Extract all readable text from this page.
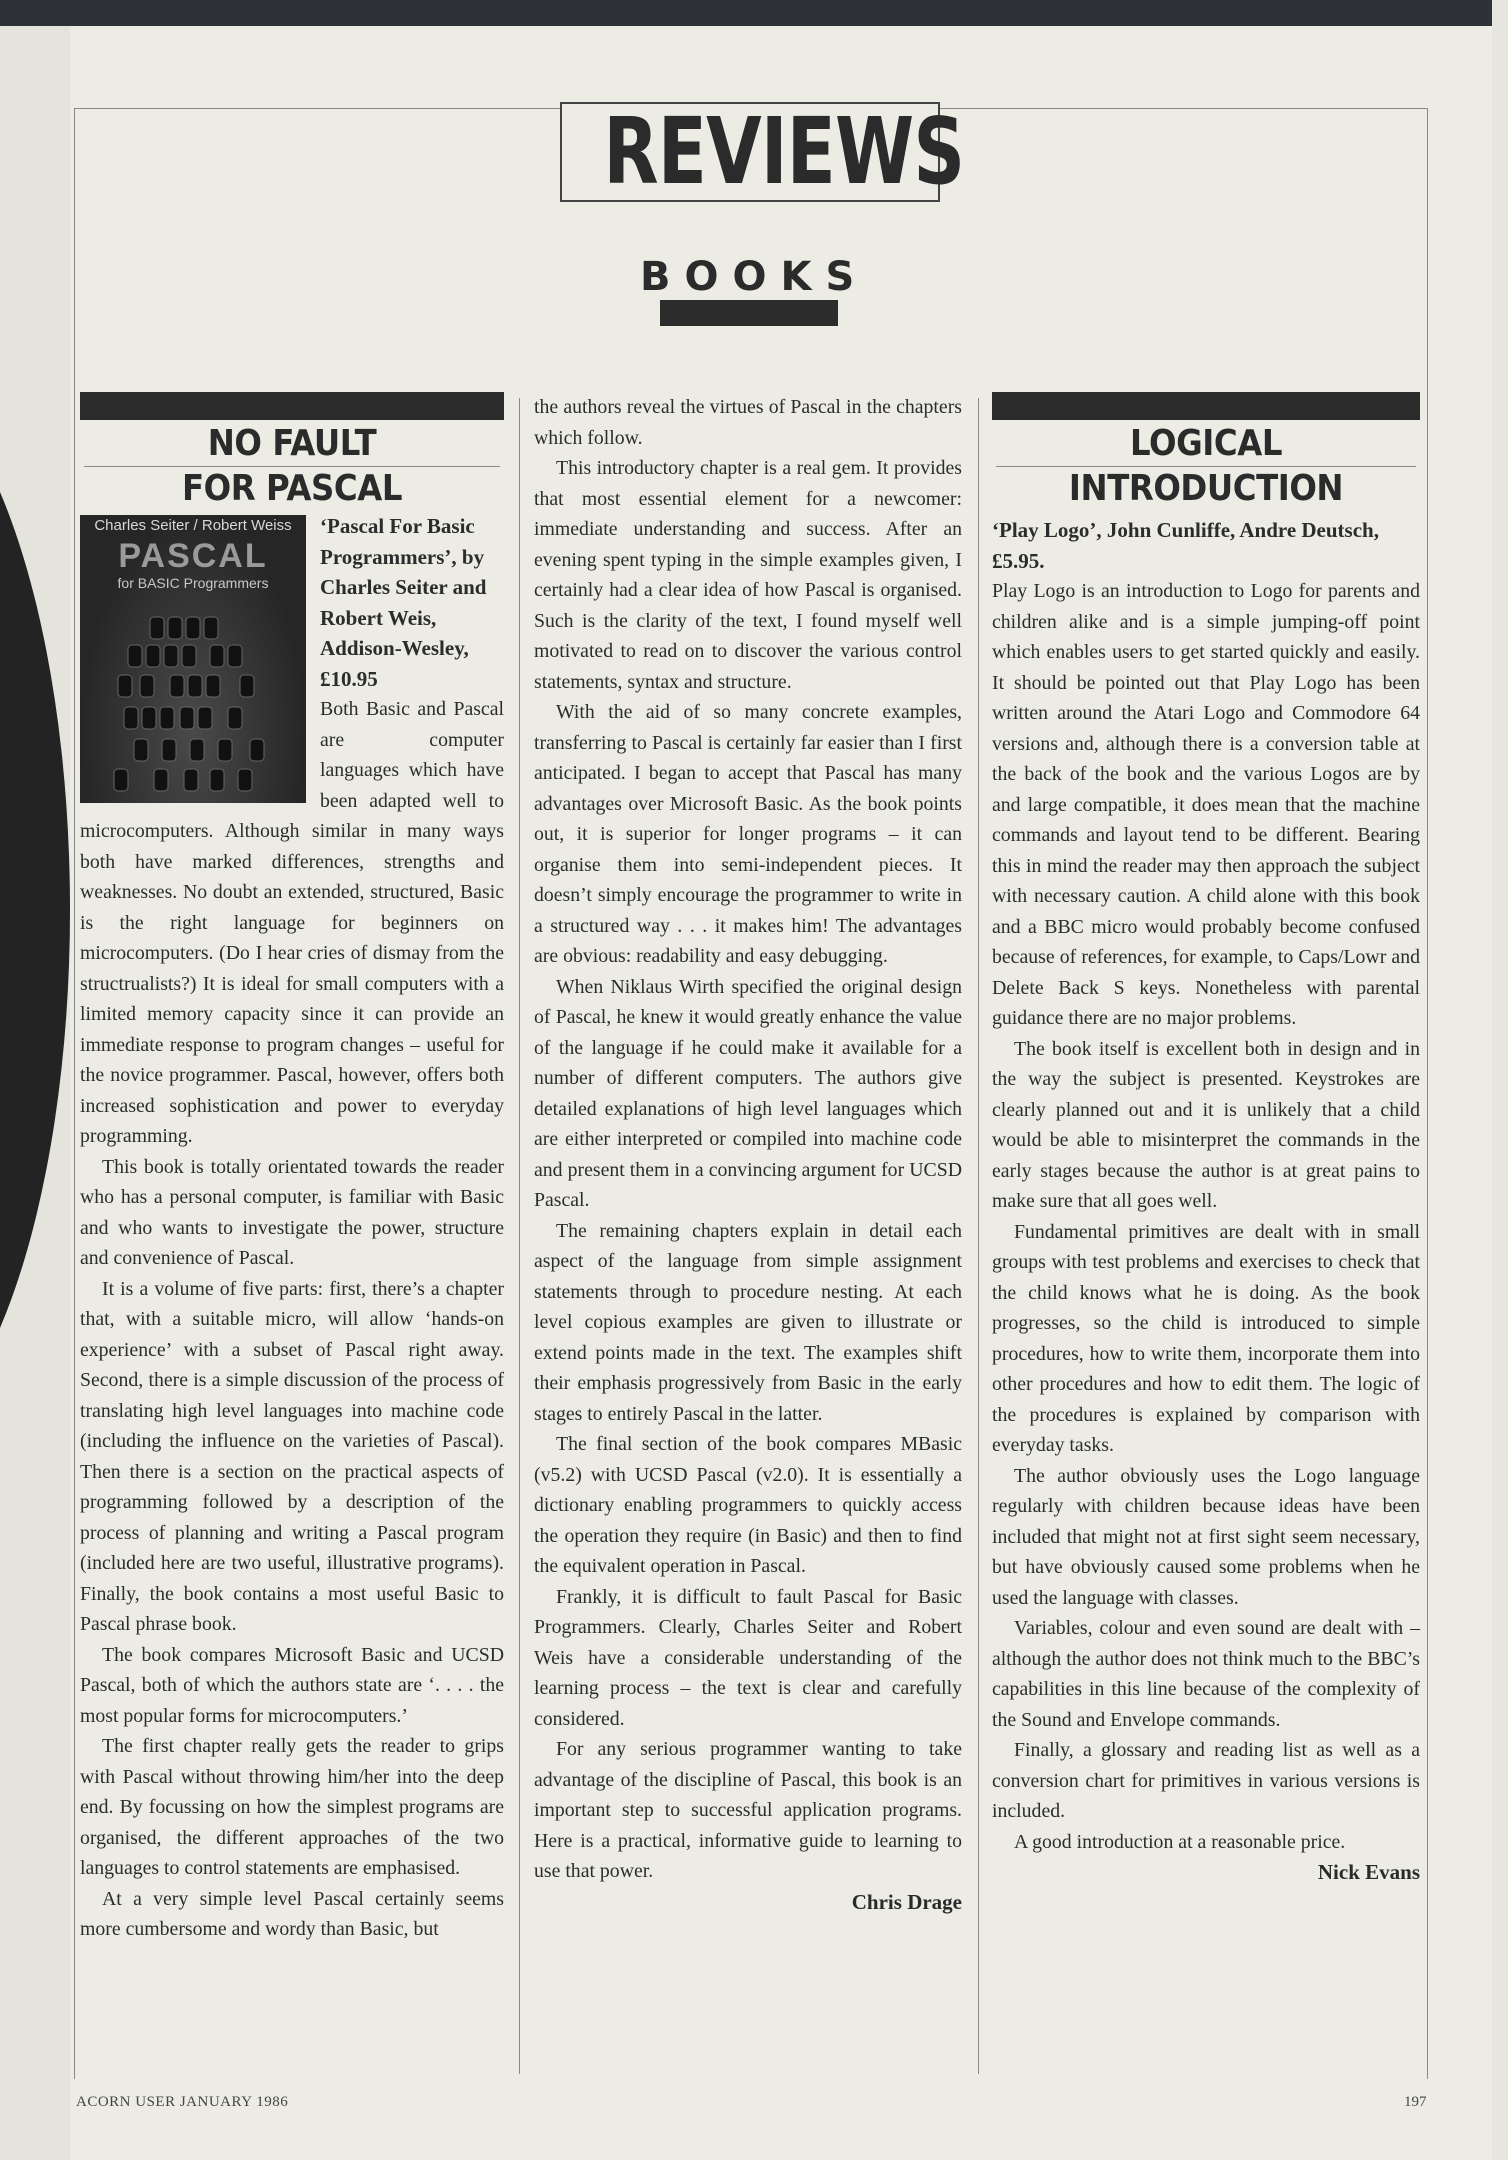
REVIEWS
BOOKS
NO FAULT
FOR PASCAL
Charles Seiter / Robert Weiss
PASCAL
for BASIC Programmers
‘Pascal For Basic Programmers’, by Charles Seiter and Robert Weis, Addison-Wesley, £10.95

Both Basic and Pascal are computer languages which have been adapted well to microcomputers. Although similar in many ways both have marked differences, strengths and weaknesses. No doubt an extended, structured, Basic is the right language for beginners on microcomputers. (Do I hear cries of dismay from the structrualists?) It is ideal for small computers with a limited memory capacity since it can provide an immediate response to program changes – useful for the novice programmer. Pascal, however, offers both increased sophistication and power to everyday programming.

This book is totally orientated towards the reader who has a personal computer, is familiar with Basic and who wants to investigate the power, structure and convenience of Pascal.

It is a volume of five parts: first, there’s a chapter that, with a suitable micro, will allow ‘hands-on experience’ with a subset of Pascal right away. Second, there is a simple discussion of the process of translating high level languages into machine code (including the influence on the varieties of Pascal). Then there is a section on the practical aspects of programming followed by a description of the process of planning and writing a Pascal program (included here are two useful, illustrative programs). Finally, the book contains a most useful Basic to Pascal phrase book.

The book compares Microsoft Basic and UCSD Pascal, both of which the authors state are ‘. . . . the most popular forms for microcomputers.’

The first chapter really gets the reader to grips with Pascal without throwing him/her into the deep end. By focussing on how the simplest programs are organised, the different approaches of the two languages to control statements are emphasised.

At a very simple level Pascal certainly seems more cumbersome and wordy than Basic, but

the authors reveal the virtues of Pascal in the chapters which follow.

This introductory chapter is a real gem. It provides that most essential element for a newcomer: immediate understanding and success. After an evening spent typing in the simple examples given, I certainly had a clear idea of how Pascal is organised. Such is the clarity of the text, I found myself well motivated to read on to discover the various control statements, syntax and structure.

With the aid of so many concrete examples, transferring to Pascal is certainly far easier than I first anticipated. I began to accept that Pascal has many advantages over Microsoft Basic. As the book points out, it is superior for longer programs – it can organise them into semi-independent pieces. It doesn’t simply encourage the programmer to write in a structured way . . . it makes him! The advantages are obvious: readability and easy debugging.

When Niklaus Wirth specified the original design of Pascal, he knew it would greatly enhance the value of the language if he could make it available for a number of different computers. The authors give detailed explanations of high level languages which are either interpreted or compiled into machine code and present them in a convincing argument for UCSD Pascal.

The remaining chapters explain in detail each aspect of the language from simple assignment statements through to procedure nesting. At each level copious examples are given to illustrate or extend points made in the text. The examples shift their emphasis progressively from Basic in the early stages to entirely Pascal in the latter.

The final section of the book compares MBasic (v5.2) with UCSD Pascal (v2.0). It is essentially a dictionary enabling programmers to quickly access the operation they require (in Basic) and then to find the equivalent operation in Pascal.

Frankly, it is difficult to fault Pascal for Basic Programmers. Clearly, Charles Seiter and Robert Weis have a considerable understanding of the learning process – the text is clear and carefully considered.

For any serious programmer wanting to take advantage of the discipline of Pascal, this book is an important step to successful application programs. Here is a practical, informative guide to learning to use that power.

Chris Drage
LOGICAL
INTRODUCTION
‘Play Logo’, John Cunliffe, Andre Deutsch, £5.95.

Play Logo is an introduction to Logo for parents and children alike and is a simple jumping-off point which enables users to get started quickly and easily. It should be pointed out that Play Logo has been written around the Atari Logo and Commodore 64 versions and, although there is a conversion table at the back of the book and the various Logos are by and large compatible, it does mean that the machine commands and layout tend to be different. Bearing this in mind the reader may then approach the subject with necessary caution. A child alone with this book and a BBC micro would probably become confused because of references, for example, to Caps/Lowr and Delete Back S keys. Nonetheless with parental guidance there are no major problems.

The book itself is excellent both in design and in the way the subject is presented. Keystrokes are clearly planned out and it is unlikely that a child would be able to misinterpret the commands in the early stages because the author is at great pains to make sure that all goes well.

Fundamental primitives are dealt with in small groups with test problems and exercises to check that the child knows what he is doing. As the book progresses, so the child is introduced to simple procedures, how to write them, incorporate them into other procedures and how to edit them. The logic of the procedures is explained by comparison with everyday tasks.

The author obviously uses the Logo language regularly with children because ideas have been included that might not at first sight seem necessary, but have obviously caused some problems when he used the language with classes.

Variables, colour and even sound are dealt with – although the author does not think much to the BBC’s capabilities in this line because of the complexity of the Sound and Envelope commands.

Finally, a glossary and reading list as well as a conversion chart for primitives in various versions is included.

A good introduction at a reasonable price.

Nick Evans
ACORN USER JANUARY 1986	197
